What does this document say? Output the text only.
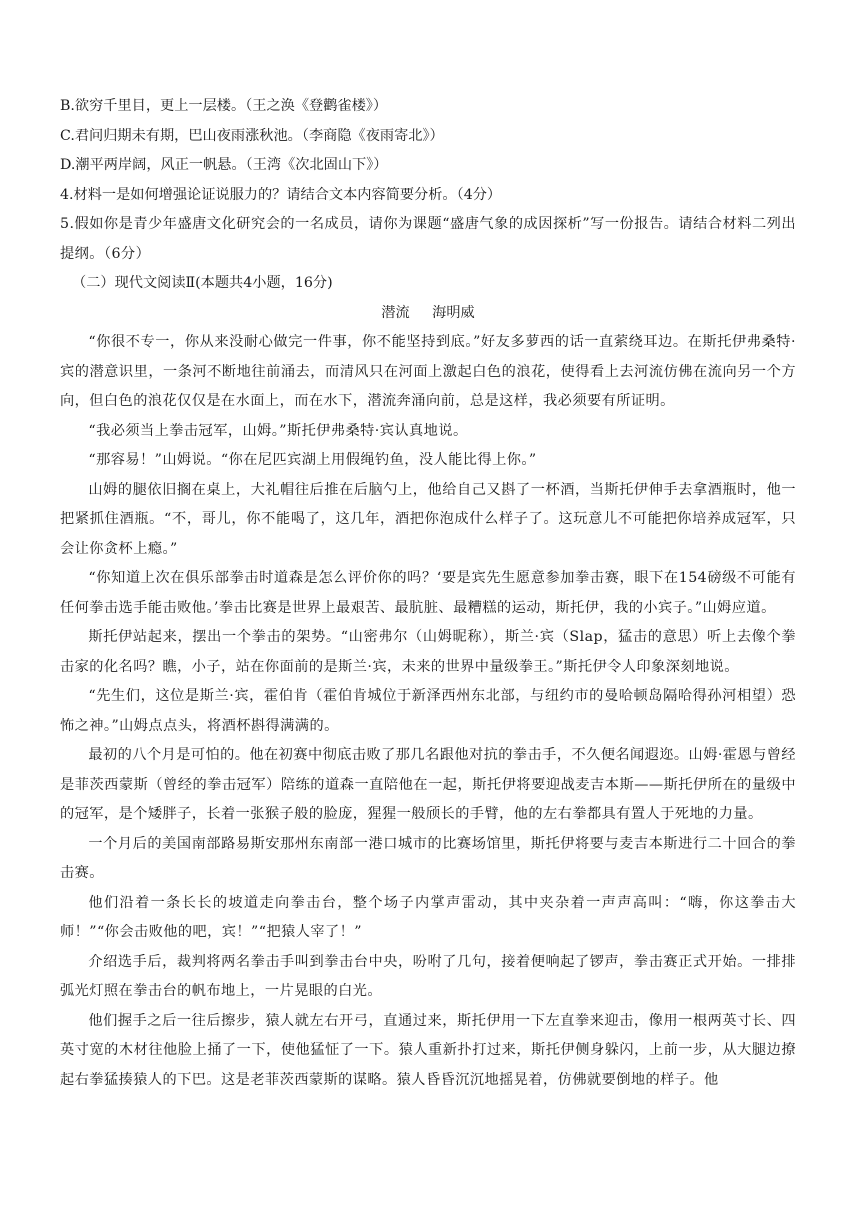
B.欲穷千里目，更上一层楼。（王之涣《登鹳雀楼》）

C.君问归期未有期，巴山夜雨涨秋池。（李商隐《夜雨寄北》）

D.潮平两岸阔，风正一帆悬。（王湾《次北固山下》）

4.材料一是如何增强论证说服力的？请结合文本内容简要分析。（4分）

5.假如你是青少年盛唐文化研究会的一名成员，请你为课题“盛唐气象的成因探析”写一份报告。请结合材料二列出提纲。（6分）

（二）现代文阅读Ⅱ(本题共4小题，16分)

潜流 海明威

“你很不专一，你从来没耐心做完一件事，你不能坚持到底。”好友多萝西的话一直萦绕耳边。在斯托伊弗桑特·宾的潜意识里，一条河不断地往前涌去，而清风只在河面上激起白色的浪花，使得看上去河流仿佛在流向另一个方向，但白色的浪花仅仅是在水面上，而在水下，潜流奔涌向前，总是这样，我必须要有所证明。

“我必须当上拳击冠军，山姆。”斯托伊弗桑特·宾认真地说。

“那容易！”山姆说。“你在尼匹宾湖上用假绳钓鱼，没人能比得上你。”

山姆的腿依旧搁在桌上，大礼帽往后推在后脑勺上，他给自己又斟了一杯酒，当斯托伊伸手去拿酒瓶时，他一把紧抓住酒瓶。“不，哥儿，你不能喝了，这几年，酒把你泡成什么样子了。这玩意儿不可能把你培养成冠军，只会让你贪杯上瘾。”

“你知道上次在俱乐部拳击时道森是怎么评价你的吗？‘要是宾先生愿意参加拳击赛，眼下在154磅级不可能有任何拳击选手能击败他。’拳击比赛是世界上最艰苦、最肮脏、最糟糕的运动，斯托伊，我的小宾子。”山姆应道。

斯托伊站起来，摆出一个拳击的架势。“山密弗尔（山姆昵称），斯兰·宾（Slap，猛击的意思）听上去像个拳击家的化名吗？瞧，小子，站在你面前的是斯兰·宾，未来的世界中量级拳王。”斯托伊令人印象深刻地说。

“先生们，这位是斯兰·宾，霍伯肯（霍伯肯城位于新泽西州东北部，与纽约市的曼哈顿岛隔哈得孙河相望）恐怖之神。”山姆点点头，将酒杯斟得满满的。

最初的八个月是可怕的。他在初赛中彻底击败了那几名跟他对抗的拳击手，不久便名闻遐迩。山姆·霍恩与曾经是菲茨西蒙斯（曾经的拳击冠军）陪练的道森一直陪他在一起，斯托伊将要迎战麦吉本斯——斯托伊所在的量级中的冠军，是个矮胖子，长着一张猴子般的脸庞，猩猩一般颀长的手臂，他的左右拳都具有置人于死地的力量。

一个月后的美国南部路易斯安那州东南部一港口城市的比赛场馆里，斯托伊将要与麦吉本斯进行二十回合的拳击赛。

他们沿着一条长长的坡道走向拳击台，整个场子内掌声雷动，其中夹杂着一声声高叫：“嗨，你这拳击大师！”“你会击败他的吧，宾！”“把猿人宰了！”

介绍选手后，裁判将两名拳击手叫到拳击台中央，吩咐了几句，接着便响起了锣声，拳击赛正式开始。一排排弧光灯照在拳击台的帆布地上，一片晃眼的白光。

他们握手之后一往后擦步，猿人就左右开弓，直通过来，斯托伊用一下左直拳来迎击，像用一根两英寸长、四英寸宽的木材往他脸上捅了一下，使他猛怔了一下。猿人重新扑打过来，斯托伊侧身躲闪，上前一步，从大腿边撩起右拳猛揍猿人的下巴。这是老菲茨西蒙斯的谋略。猿人昏昏沉沉地摇晃着，仿佛就要倒地的样子。他
